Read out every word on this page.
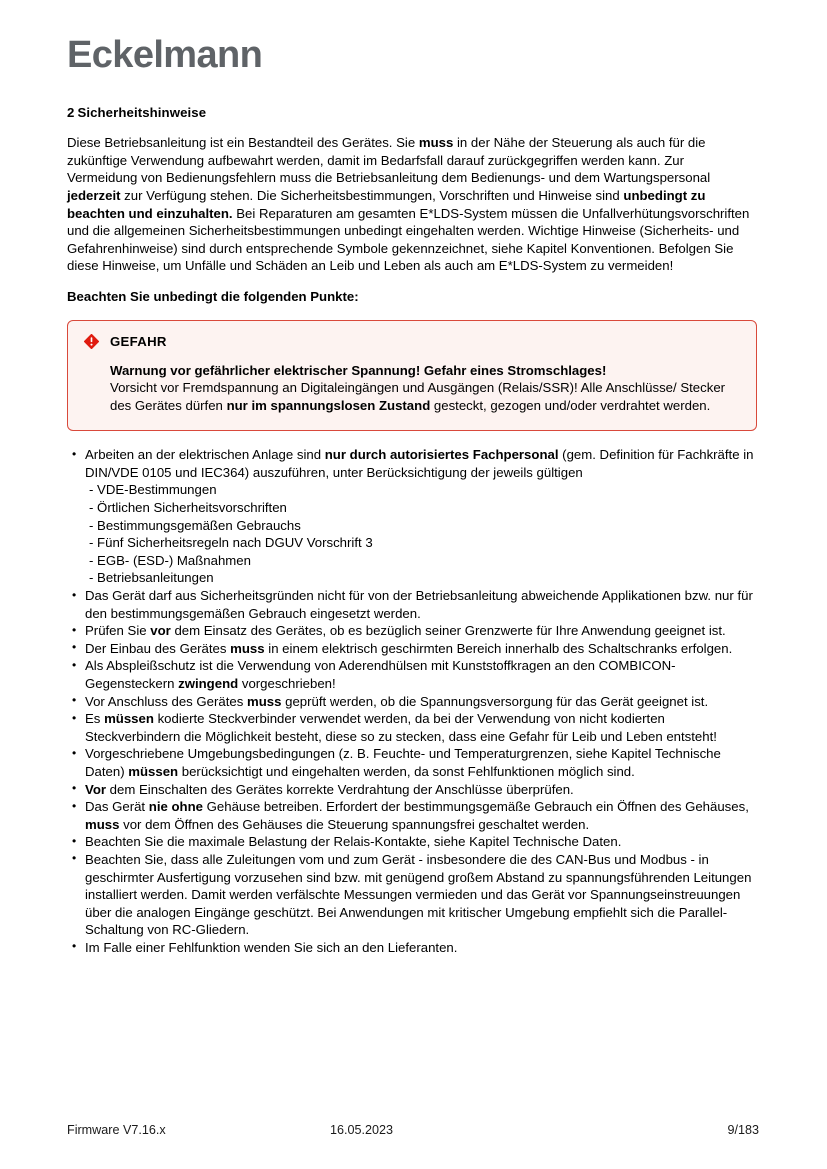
Eckelmann
2 Sicherheitshinweise

Diese Betriebsanleitung ist ein Bestandteil des Gerätes. Sie muss in der Nähe der Steuerung als auch für die zukünftige Verwendung aufbewahrt werden, damit im Bedarfsfall darauf zurückgegriffen werden kann. Zur Vermeidung von Bedienungsfehlern muss die Betriebsanleitung dem Bedienungs- und dem Wartungspersonal jederzeit zur Verfügung stehen. Die Sicherheitsbestimmungen, Vorschriften und Hinweise sind unbedingt zu beachten und einzuhalten. Bei Reparaturen am gesamten E*LDS-System müssen die Unfallverhütungsvorschriften und die allgemeinen Sicherheitsbestimmungen unbedingt eingehalten werden. Wichtige Hinweise (Sicherheits- und Gefahrenhinweise) sind durch entsprechende Symbole gekennzeichnet, siehe Kapitel Konventionen. Befolgen Sie diese Hinweise, um Unfälle und Schäden an Leib und Leben als auch am E*LDS-System zu vermeiden!

Beachten Sie unbedingt die folgenden Punkte:

GEFAHR
Warnung vor gefährlicher elektrischer Spannung! Gefahr eines Stromschlages!
Vorsicht vor Fremdspannung an Digitaleingängen und Ausgängen (Relais/SSR)! Alle Anschlüsse/ Stecker des Gerätes dürfen nur im spannungslosen Zustand gesteckt, gezogen und/oder verdrahtet werden.
• Arbeiten an der elektrischen Anlage sind nur durch autorisiertes Fachpersonal (gem. Definition für Fachkräfte in DIN/VDE 0105 und IEC364) auszuführen, unter Berücksichtigung der jeweils gültigen
- VDE-Bestimmungen
- Örtlichen Sicherheitsvorschriften
- Bestimmungsgemäßen Gebrauchs
- Fünf Sicherheitsregeln nach DGUV Vorschrift 3
- EGB- (ESD-) Maßnahmen
- Betriebsanleitungen
• Das Gerät darf aus Sicherheitsgründen nicht für von der Betriebsanleitung abweichende Applikationen bzw. nur für den bestimmungsgemäßen Gebrauch eingesetzt werden.
• Prüfen Sie vor dem Einsatz des Gerätes, ob es bezüglich seiner Grenzwerte für Ihre Anwendung geeignet ist.
• Der Einbau des Gerätes muss in einem elektrisch geschirmten Bereich innerhalb des Schaltschranks erfolgen.
• Als Abspleißschutz ist die Verwendung von Aderendhülsen mit Kunststoffkragen an den COMBICON-Gegensteckern zwingend vorgeschrieben!
• Vor Anschluss des Gerätes muss geprüft werden, ob die Spannungsversorgung für das Gerät geeignet ist.
• Es müssen kodierte Steckverbinder verwendet werden, da bei der Verwendung von nicht kodierten Steckverbindern die Möglichkeit besteht, diese so zu stecken, dass eine Gefahr für Leib und Leben entsteht!
• Vorgeschriebene Umgebungsbedingungen (z. B. Feuchte- und Temperaturgrenzen, siehe Kapitel Technische Daten) müssen berücksichtigt und eingehalten werden, da sonst Fehlfunktionen möglich sind.
• Vor dem Einschalten des Gerätes korrekte Verdrahtung der Anschlüsse überprüfen.
• Das Gerät nie ohne Gehäuse betreiben. Erfordert der bestimmungsgemäße Gebrauch ein Öffnen des Gehäuses, muss vor dem Öffnen des Gehäuses die Steuerung spannungsfrei geschaltet werden.
• Beachten Sie die maximale Belastung der Relais-Kontakte, siehe Kapitel Technische Daten.
• Beachten Sie, dass alle Zuleitungen vom und zum Gerät - insbesondere die des CAN-Bus und Modbus - in geschirmter Ausfertigung vorzusehen sind bzw. mit genügend großem Abstand zu spannungsführenden Leitungen installiert werden. Damit werden verfälschte Messungen vermieden und das Gerät vor Spannungseinstreuungen über die analogen Eingänge geschützt. Bei Anwendungen mit kritischer Umgebung empfiehlt sich die Parallel-Schaltung von RC-Gliedern.
• Im Falle einer Fehlfunktion wenden Sie sich an den Lieferanten.
Firmware V7.16.x	16.05.2023	9/183
